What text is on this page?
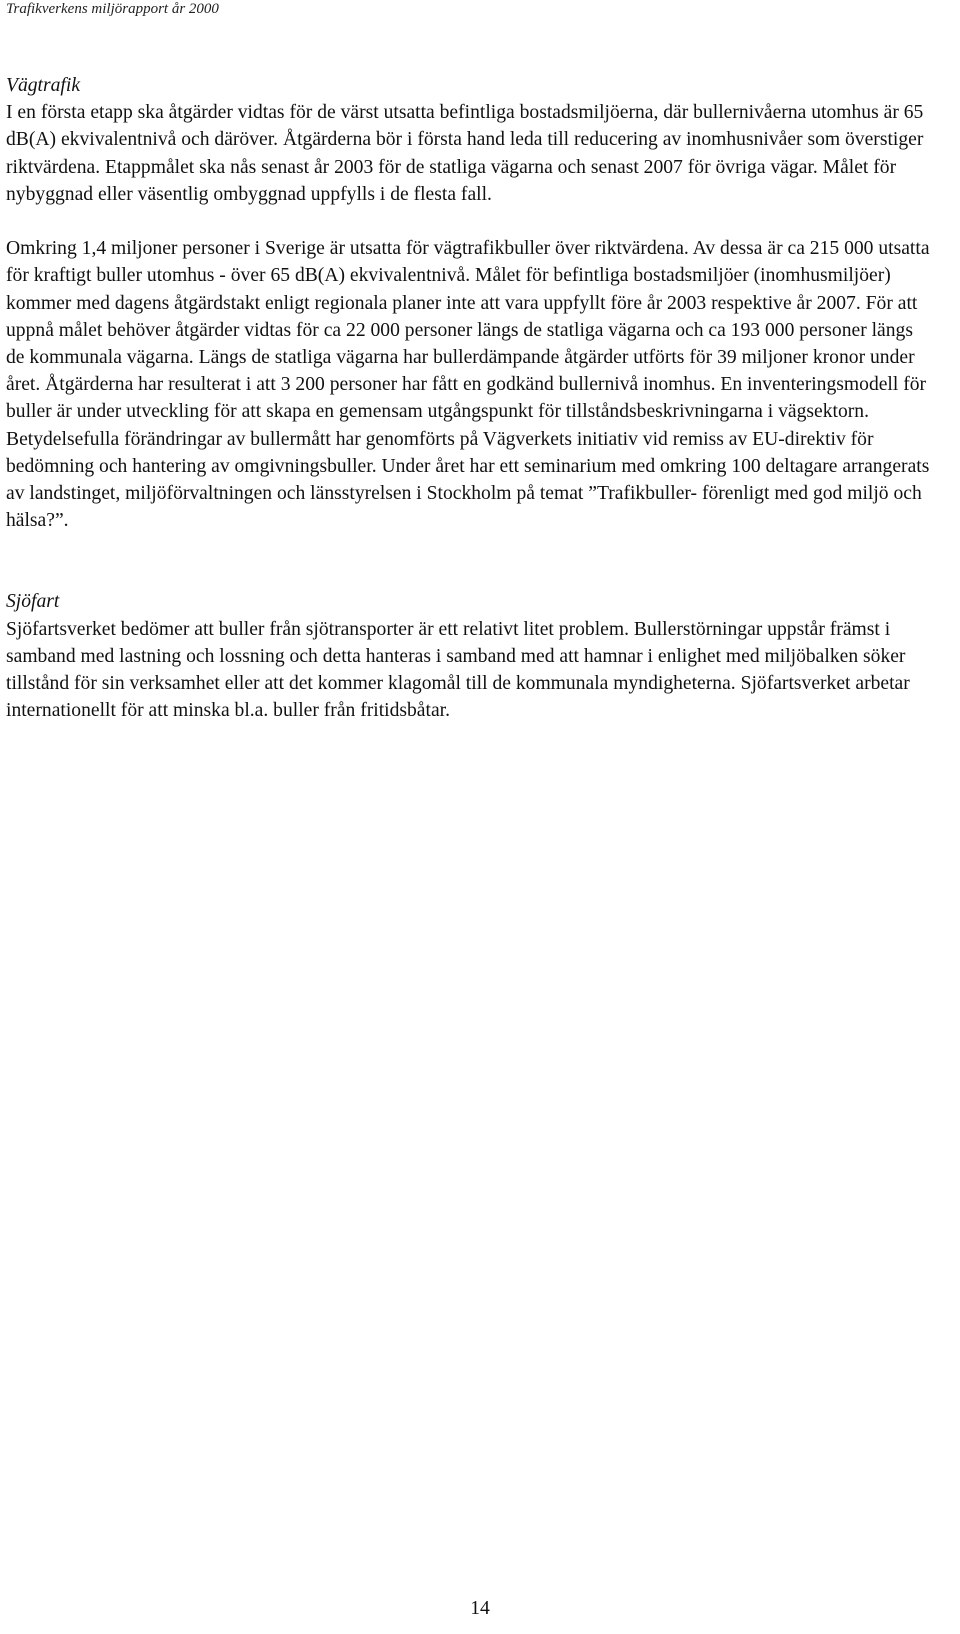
Trafikverkens miljörapport år 2000

Vägtrafik

I en första etapp ska åtgärder vidtas för de värst utsatta befintliga bostadsmiljöerna, där bullernivåerna utomhus är 65 dB(A) ekvivalentnivå och däröver. Åtgärderna bör i första hand leda till reducering av inomhusnivåer som överstiger riktvärdena. Etappmålet ska nås senast år 2003 för de statliga vägarna och senast 2007 för övriga vägar. Målet för nybyggnad eller väsentlig ombyggnad uppfylls i de flesta fall.

Omkring 1,4 miljoner personer i Sverige är utsatta för vägtrafikbuller över riktvärdena. Av dessa är ca 215 000 utsatta för kraftigt buller utomhus - över 65 dB(A) ekvivalentnivå. Målet för befintliga bostadsmiljöer (inomhusmiljöer) kommer med dagens åtgärdstakt enligt regionala planer inte att vara uppfyllt före år 2003 respektive år 2007. För att uppnå målet behöver åtgärder vidtas för ca 22 000 personer längs de statliga vägarna och ca 193 000 personer längs de kommunala vägarna. Längs de statliga vägarna har bullerdämpande åtgärder utförts för 39 miljoner kronor under året. Åtgärderna har resulterat i att 3 200 personer har fått en godkänd bullernivå inomhus. En inventeringsmodell för buller är under utveckling för att skapa en gemensam utgångspunkt för tillståndsbeskrivningarna i vägsektorn. Betydelsefulla förändringar av bullermått har genomförts på Vägverkets initiativ vid remiss av EU-direktiv för bedömning och hantering av omgivningsbuller. Under året har ett seminarium med omkring 100 deltagare arrangerats av landstinget, miljöförvaltningen och länsstyrelsen i Stockholm på temat ”Trafikbuller- förenligt med god miljö och hälsa?”.

Sjöfart

Sjöfartsverket bedömer att buller från sjötransporter är ett relativt litet problem. Bullerstörningar uppstår främst i samband med lastning och lossning och detta hanteras i samband med att hamnar i enlighet med miljöbalken söker tillstånd för sin verksamhet eller att det kommer klagomål till de kommunala myndigheterna. Sjöfartsverket arbetar internationellt för att minska bl.a. buller från fritidsbåtar.

14
